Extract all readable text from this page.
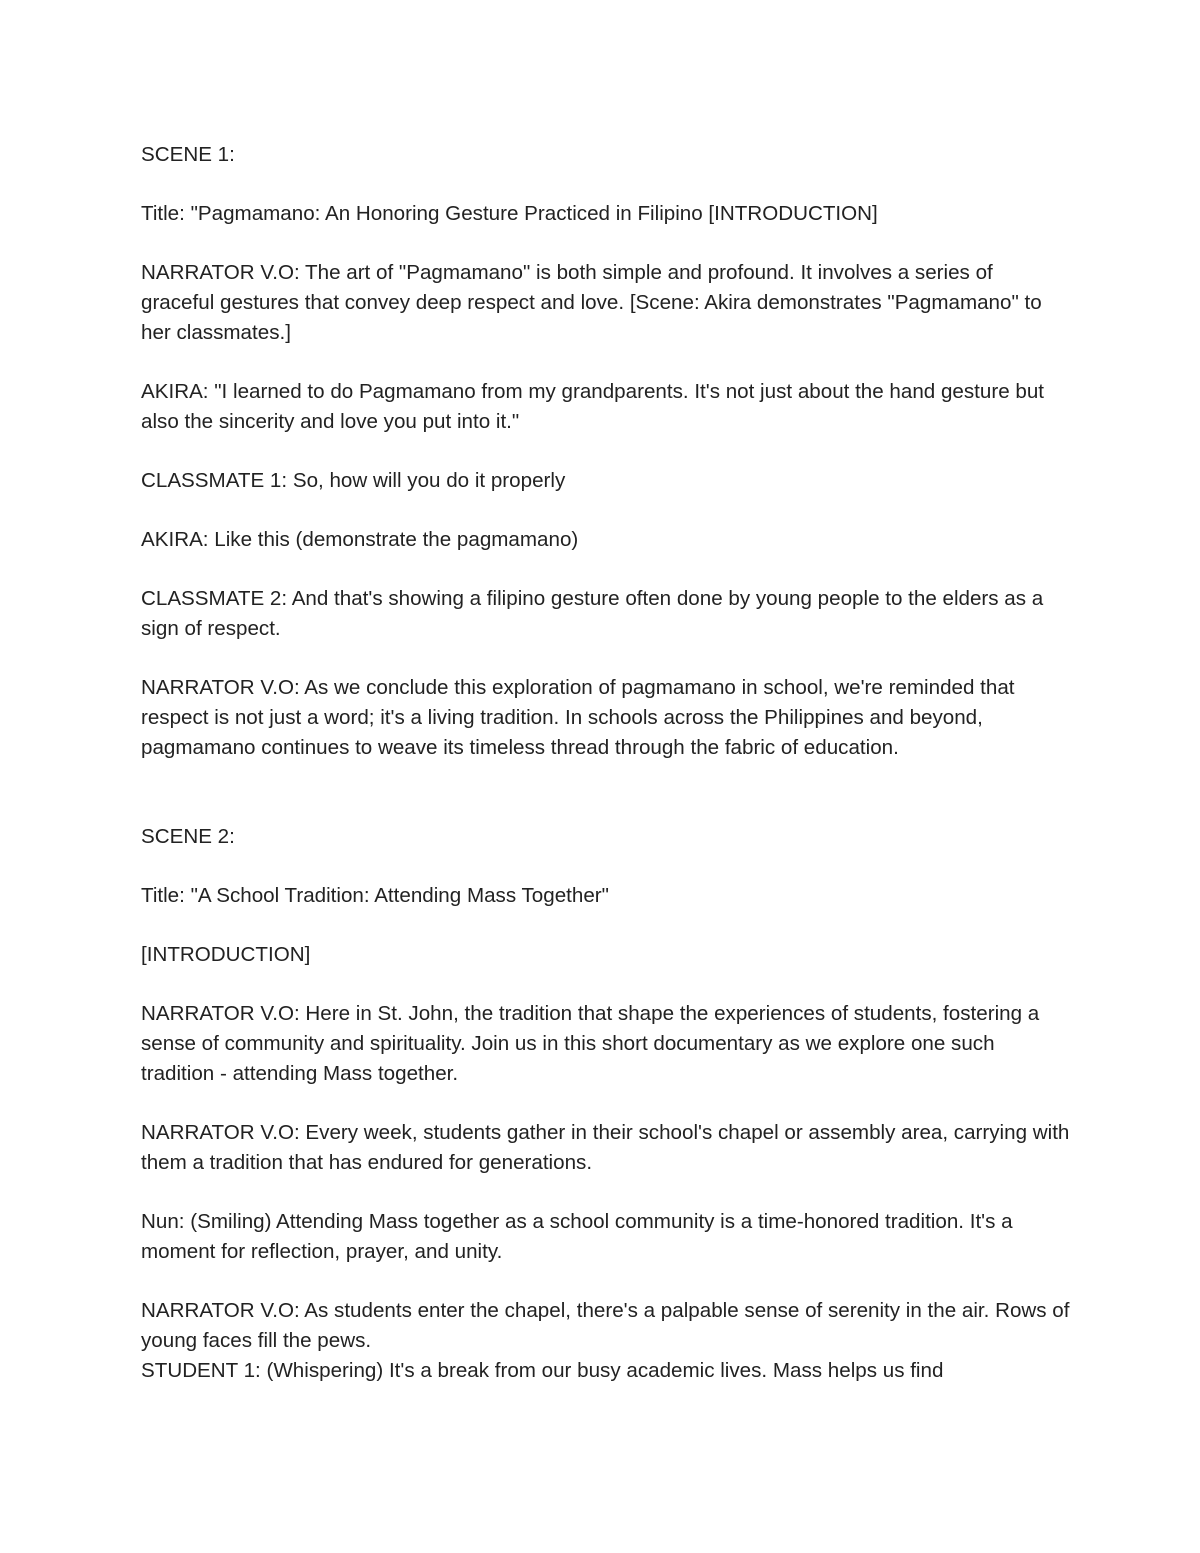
SCENE 1:

Title: "Pagmamano: An Honoring Gesture Practiced in Filipino [INTRODUCTION]

NARRATOR V.O: The art of "Pagmamano" is both simple and profound. It involves a series of graceful gestures that convey deep respect and love. [Scene: Akira demonstrates "Pagmamano" to her classmates.]

AKIRA: "I learned to do Pagmamano from my grandparents. It's not just about the hand gesture but also the sincerity and love you put into it."

CLASSMATE 1: So, how will you do it properly

AKIRA: Like this (demonstrate the pagmamano)

CLASSMATE 2: And that's showing a filipino gesture often done by young people to the elders as a sign of respect.

NARRATOR V.O: As we conclude this exploration of pagmamano in school, we're reminded that respect is not just a word; it's a living tradition. In schools across the Philippines and beyond, pagmamano continues to weave its timeless thread through the fabric of education.

SCENE 2:

Title: "A School Tradition: Attending Mass Together"

[INTRODUCTION]

NARRATOR V.O: Here in St. John, the tradition that shape the experiences of students, fostering a sense of community and spirituality. Join us in this short documentary as we explore one such tradition - attending Mass together.

NARRATOR V.O: Every week, students gather in their school's chapel or assembly area, carrying with them a tradition that has endured for generations.

Nun: (Smiling) Attending Mass together as a school community is a time-honored tradition. It's a moment for reflection, prayer, and unity.

NARRATOR V.O: As students enter the chapel, there's a palpable sense of serenity in the air. Rows of young faces fill the pews.

STUDENT 1: (Whispering) It's a break from our busy academic lives. Mass helps us find
